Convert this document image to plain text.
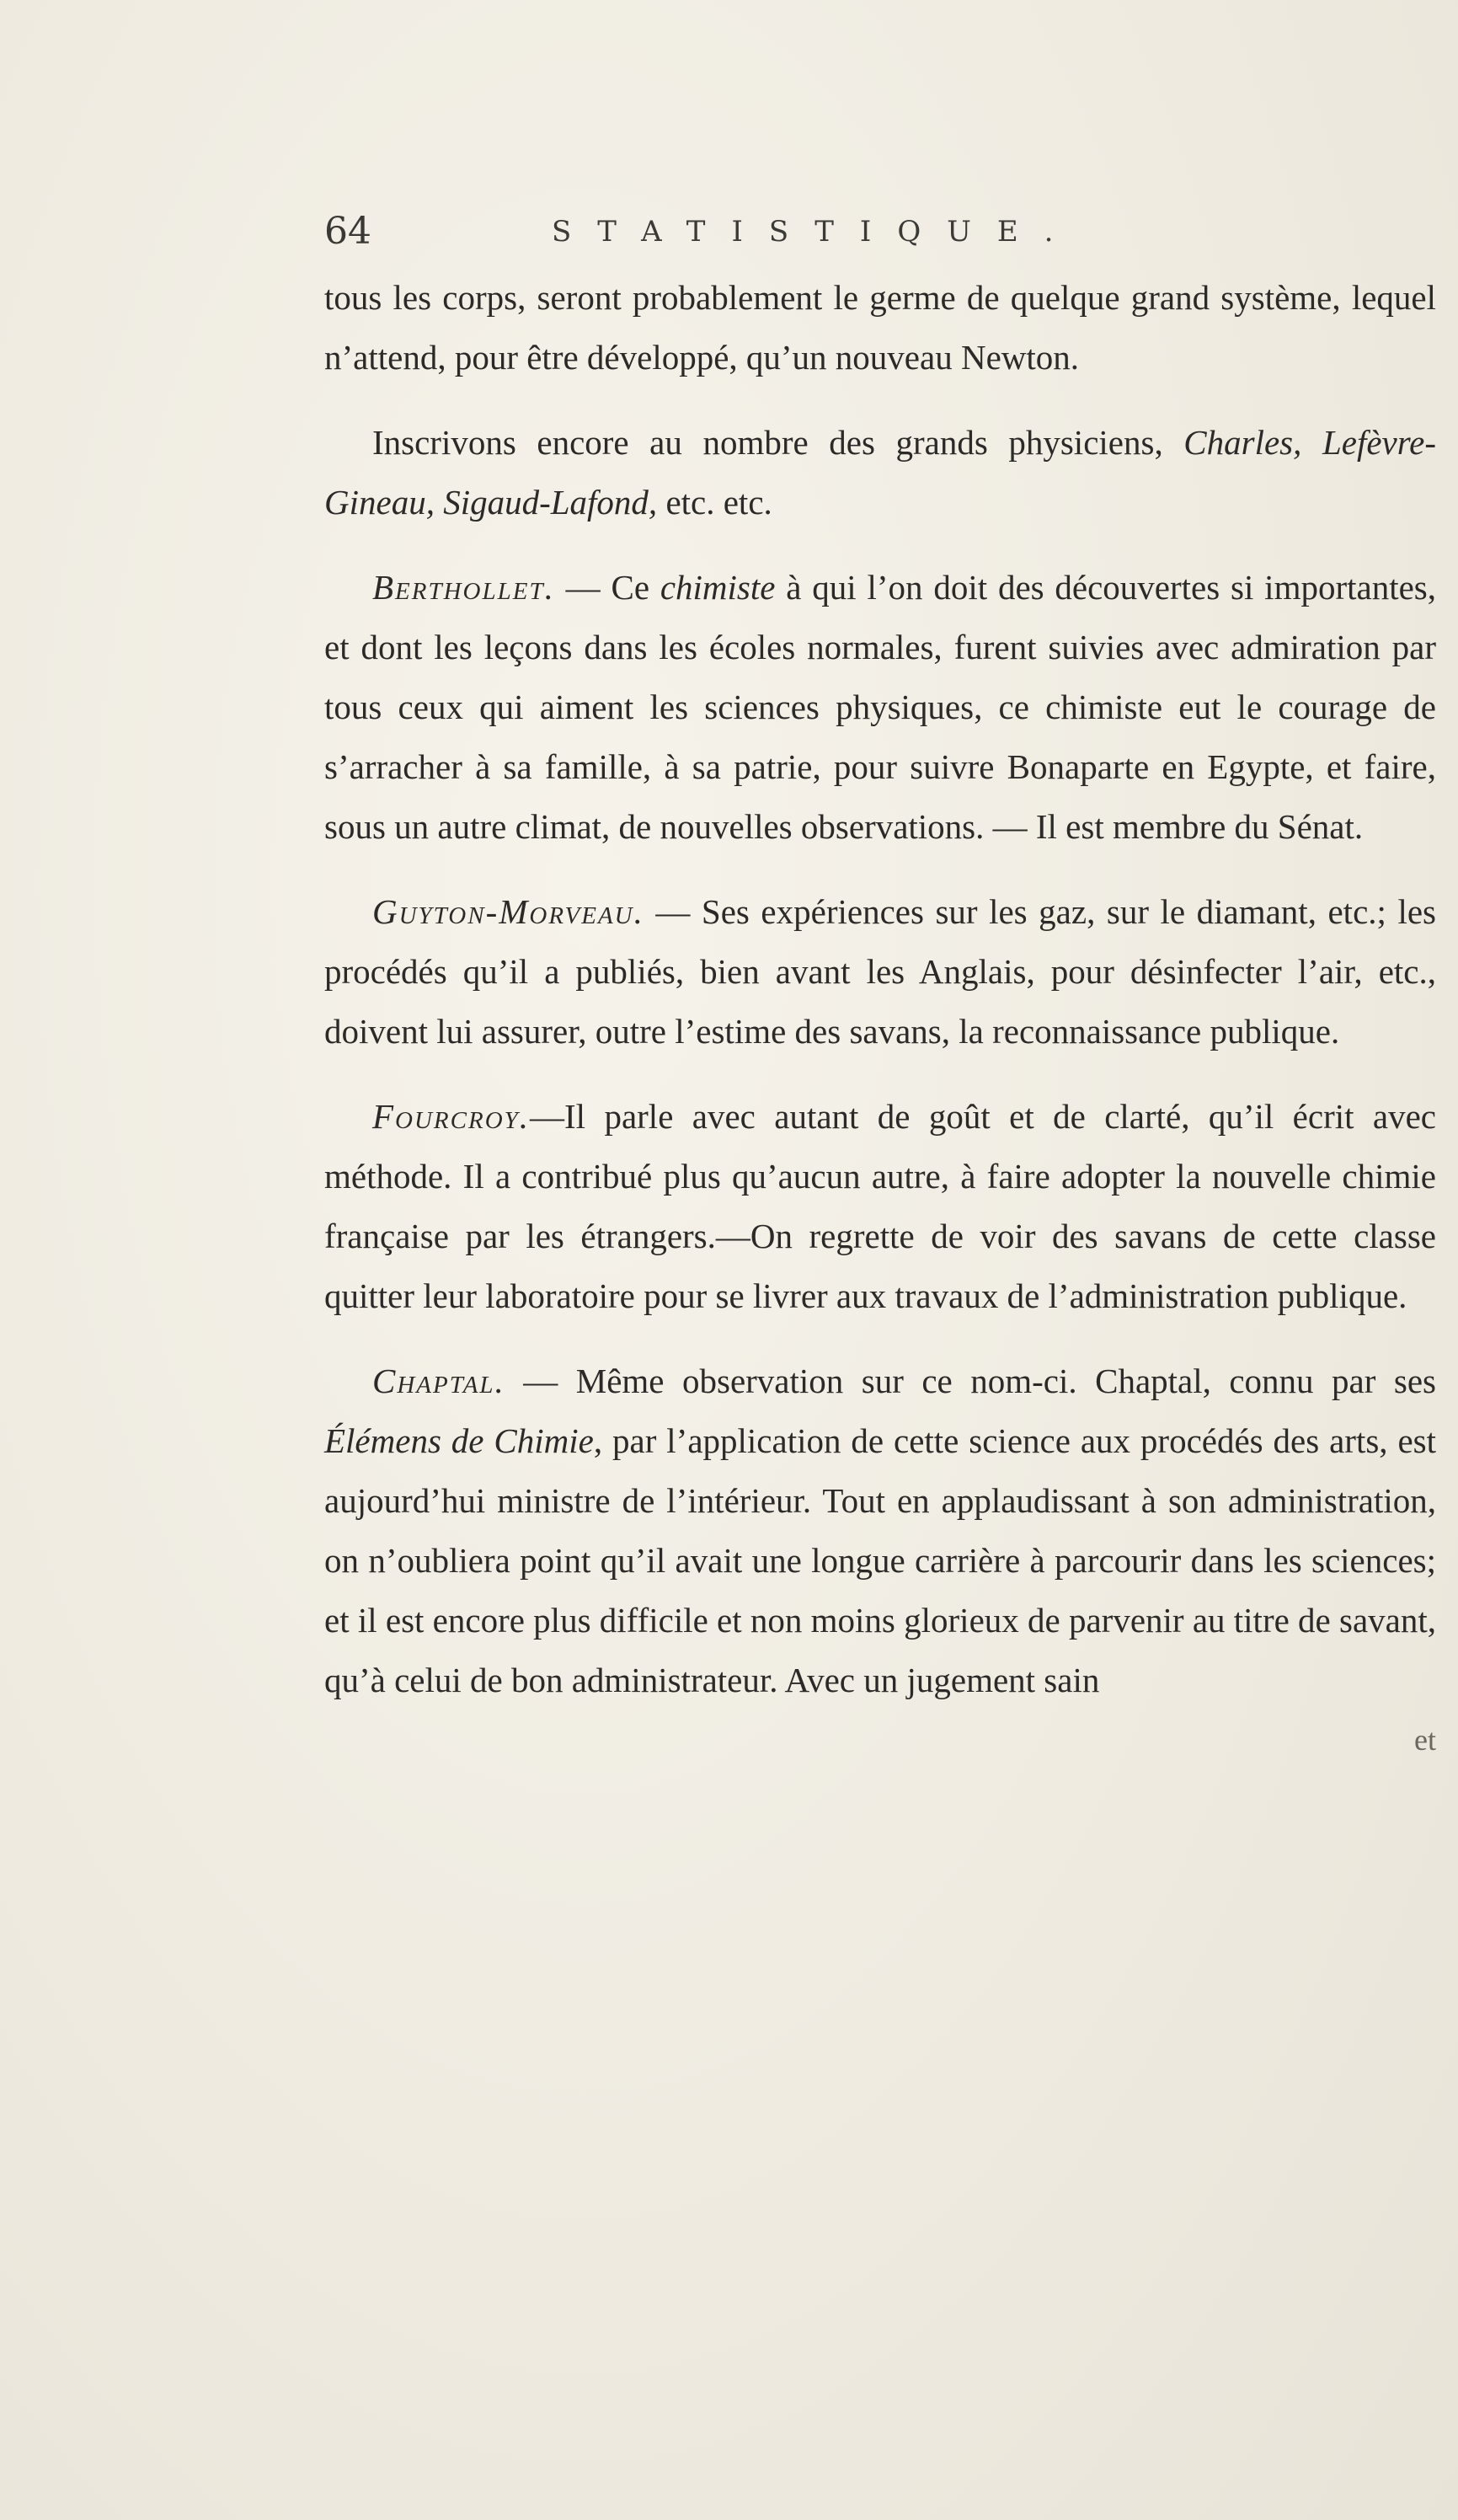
64	STATISTIQUE.

tous les corps, seront probablement le germe de quelque grand système, lequel n’attend, pour être développé, qu’un nouveau Newton.

Inscrivons encore au nombre des grands physiciens, Charles, Lefèvre-Gineau, Sigaud-Lafond, etc. etc.

Berthollet. — Ce chimiste à qui l’on doit des découvertes si importantes, et dont les leçons dans les écoles normales, furent suivies avec admiration par tous ceux qui aiment les sciences physiques, ce chimiste eut le courage de s’arracher à sa famille, à sa patrie, pour suivre Bonaparte en Egypte, et faire, sous un autre climat, de nouvelles observations. — Il est membre du Sénat.

Guyton-Morveau. — Ses expériences sur les gaz, sur le diamant, etc.; les procédés qu’il a publiés, bien avant les Anglais, pour désinfecter l’air, etc., doivent lui assurer, outre l’estime des savans, la reconnaissance publique.

Fourcroy.—Il parle avec autant de goût et de clarté, qu’il écrit avec méthode. Il a contribué plus qu’aucun autre, à faire adopter la nouvelle chimie française par les étrangers.—On regrette de voir des savans de cette classe quitter leur laboratoire pour se livrer aux travaux de l’administration publique.

Chaptal. — Même observation sur ce nom-ci. Chaptal, connu par ses Élémens de Chimie, par l’application de cette science aux procédés des arts, est aujourd’hui ministre de l’intérieur. Tout en applaudissant à son administration, on n’oubliera point qu’il avait une longue carrière à parcourir dans les sciences; et il est encore plus difficile et non moins glorieux de parvenir au titre de savant, qu’à celui de bon administrateur. Avec un jugement sain

et
